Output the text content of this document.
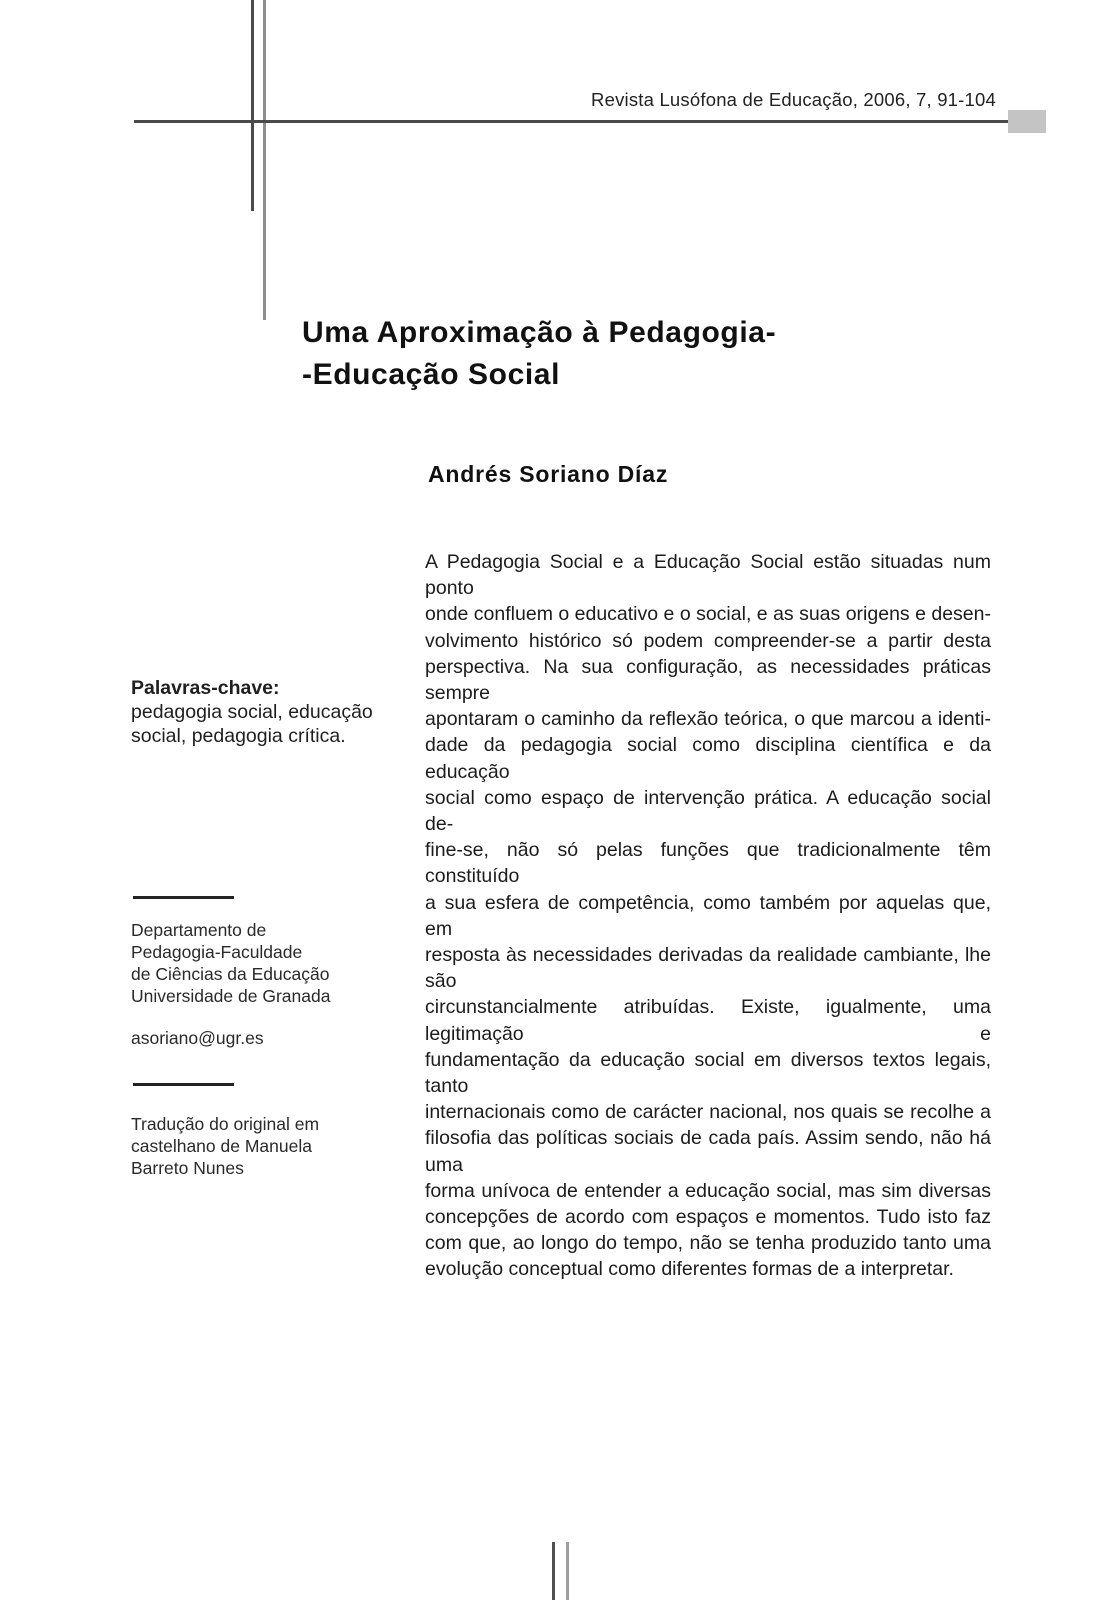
Revista Lusófona de Educação, 2006, 7, 91-104
Uma Aproximação à Pedagogia-
-Educação Social
Andrés Soriano Díaz
Palavras-chave:
pedagogia social, educação
social, pedagogia crítica.
Departamento de
Pedagogia-Faculdade
de Ciências da Educação
Universidade de Granada
asoriano@ugr.es
Tradução do original em
castelhano de Manuela
Barreto Nunes
A Pedagogia Social e a Educação Social estão situadas num ponto
onde confluem o educativo e o social, e as suas origens e desen-
volvimento histórico só podem compreender-se a partir desta
perspectiva. Na sua configuração, as necessidades práticas sempre
apontaram o caminho da reflexão teórica, o que marcou a identi-
dade da pedagogia social como disciplina científica e da educação
social como espaço de intervenção prática. A educação social de-
fine-se, não só pelas funções que tradicionalmente têm constituído
a sua esfera de competência, como também por aquelas que, em
resposta às necessidades derivadas da realidade cambiante, lhe são
circunstancialmente atribuídas. Existe, igualmente, uma legitimação e
fundamentação da educação social em diversos textos legais, tanto
internacionais como de carácter nacional, nos quais se recolhe a
filosofia das políticas sociais de cada país. Assim sendo, não há uma
forma unívoca de entender a educação social, mas sim diversas
concepções de acordo com espaços e momentos. Tudo isto faz
com que, ao longo do tempo, não se tenha produzido tanto uma
evolução conceptual como diferentes formas de a interpretar.
